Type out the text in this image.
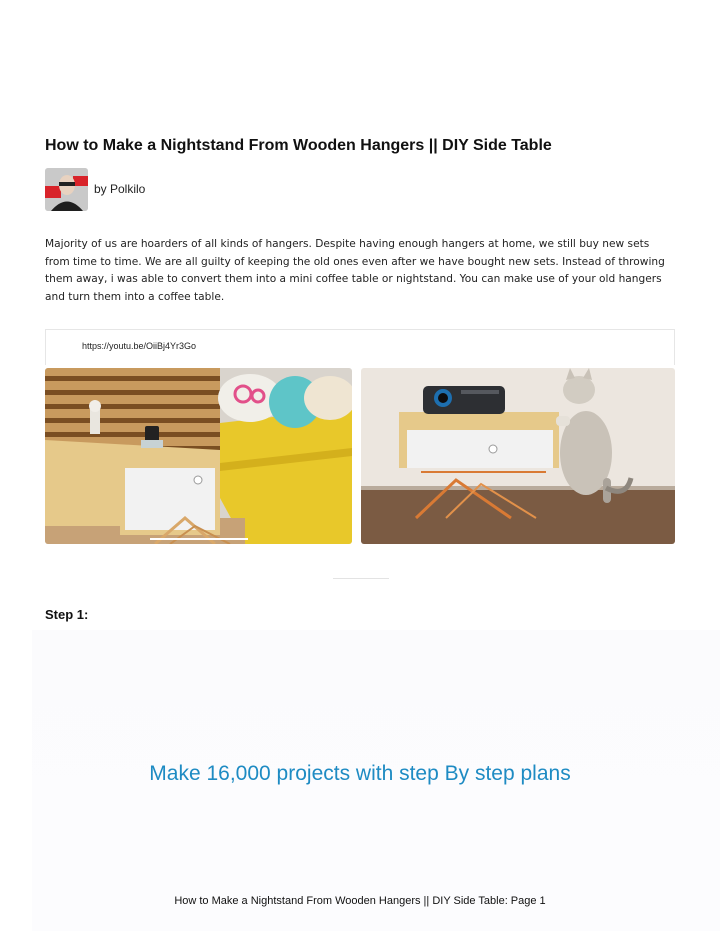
How to Make a Nightstand From Wooden Hangers || DIY Side Table
by Polkilo

Majority of us are hoarders of all kinds of hangers. Despite having enough hangers at home, we still buy new sets from time to time. We are all guilty of keeping the old ones even after we have bought new sets. Instead of throwing them away, i was able to convert them into a mini coffee table or nightstand. You can make use of your old hangers and turn them into a coffee table.

https://youtu.be/OiiBj4Yr3Go
Step 1:
Make 16,000 projects with step By step plans
How to Make a Nightstand From Wooden Hangers || DIY Side Table: Page 1
